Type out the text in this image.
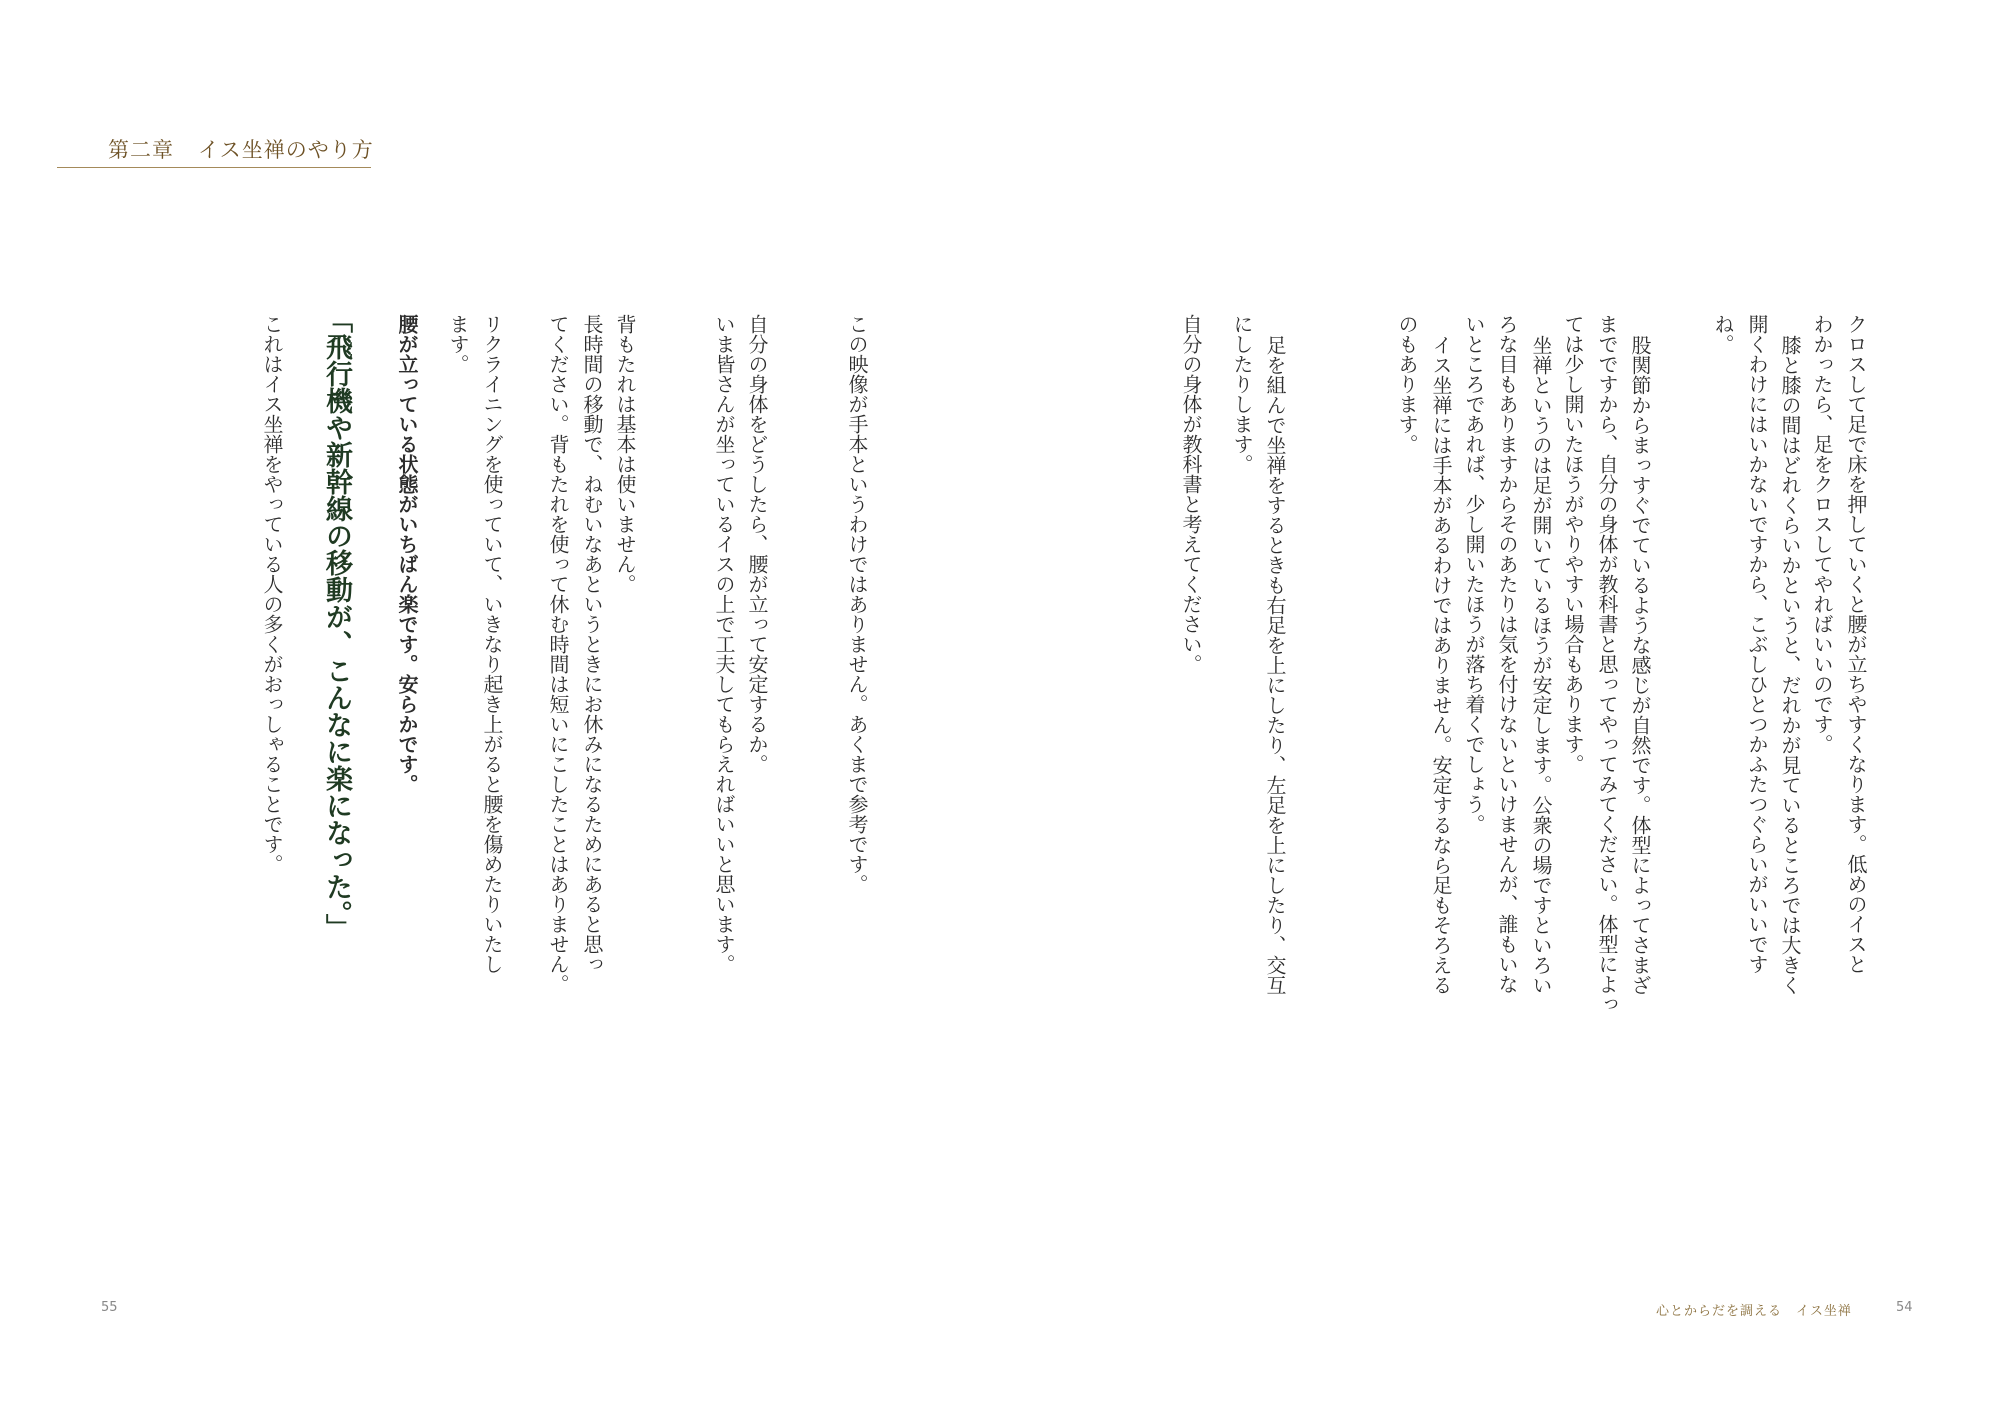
第二章 イス坐禅のやり方
クロスして足で床を押していくと腰が立ちやすくなります。低めのイスと
わかったら、足をクロスしてやればいいのです。
膝と膝の間はどれくらいかというと、だれかが見ているところでは大きく
開くわけにはいかないですから、こぶしひとつかふたつぐらいがいいです
ね。
股関節からまっすぐでているような感じが自然です。体型によってさまざ
までですから、自分の身体が教科書と思ってやってみてください。体型によっ
ては少し開いたほうがやりやすい場合もあります。
坐禅というのは足が開いているほうが安定します。公衆の場ですといろい
ろな目もありますからそのあたりは気を付けないといけませんが、誰もいな
いところであれば、少し開いたほうが落ち着くでしょう。
イス坐禅には手本があるわけではありません。安定するなら足もそろえる
のもあります。
足を組んで坐禅をするときも右足を上にしたり、左足を上にしたり、交互
にしたりします。
自分の身体が教科書と考えてください。
この映像が手本というわけではありません。あくまで参考です。
自分の身体をどうしたら、腰が立って安定するか。
いま皆さんが坐っているイスの上で工夫してもらえればいいと思います。
背もたれは基本は使いません。
長時間の移動で、ねむいなあというときにお休みになるためにあると思っ
てください。背もたれを使って休む時間は短いにこしたことはありません。
リクライニングを使っていて、いきなり起き上がると腰を傷めたりいたし
ます。
腰が立っている状態がいちばん楽です。安らかです。
「飛行機や新幹線の移動が、こんなに楽になった。」
これはイス坐禅をやっている人の多くがおっしゃることです。
55	心とからだを調える　イス坐禅	54
